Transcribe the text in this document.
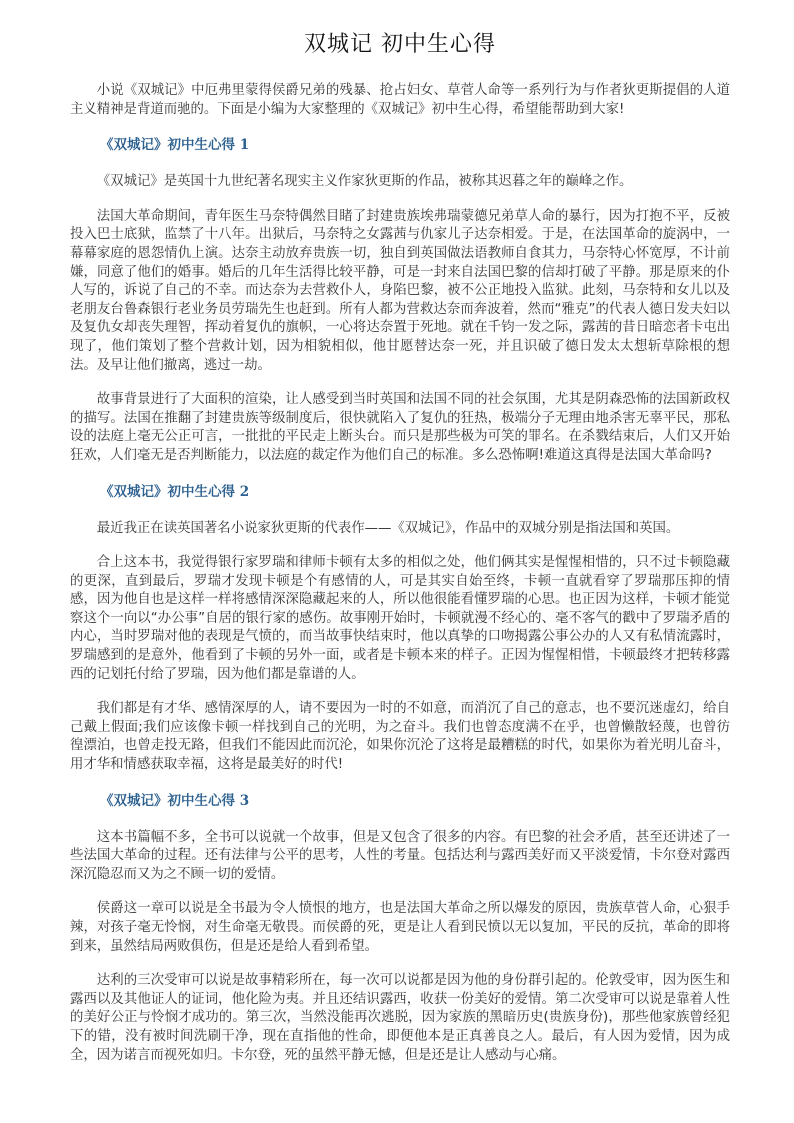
双城记 初中生心得

小说《双城记》中厄弗里蒙得侯爵兄弟的残暴、抢占妇女、草菅人命等一系列行为与作者狄更斯提倡的人道主义精神是背道而驰的。下面是小编为大家整理的《双城记》初中生心得，希望能帮助到大家!

《双城记》初中生心得 1

《双城记》是英国十九世纪著名现实主义作家狄更斯的作品，被称其迟暮之年的巅峰之作。

法国大革命期间，青年医生马奈特偶然目睹了封建贵族埃弗瑞蒙德兄弟草人命的暴行，因为打抱不平，反被投入巴士底狱，监禁了十八年。出狱后，马奈特之女露茜与仇家儿子达奈相爱。于是，在法国革命的旋涡中，一幕幕家庭的恩怨情仇上演。达奈主动放弃贵族一切，独自到英国做法语教师自食其力，马奈特心怀宽厚，不计前嫌，同意了他们的婚事。婚后的几年生活得比较平静，可是一封来自法国巴黎的信却打破了平静。那是原来的仆人写的，诉说了自己的不幸。而达奈为去营救仆人，身陷巴黎，被不公正地投入监狱。此刻，马奈特和女儿以及老朋友台鲁森银行老业务员劳瑞先生也赶到。所有人都为营救达奈而奔波着，然而“雅克”的代表人德日发夫妇以及复仇女却丧失理智，挥动着复仇的旗帜，一心将达奈置于死地。就在千钧一发之际，露茜的昔日暗恋者卡屯出现了，他们策划了整个营救计划，因为相貌相似，他甘愿替达奈一死，并且识破了德日发太太想斩草除根的想法。及早让他们撤离，逃过一劫。

故事背景进行了大面积的渲染，让人感受到当时英国和法国不同的社会氛围，尤其是阴森恐怖的法国新政权的描写。法国在推翻了封建贵族等级制度后，很快就陷入了复仇的狂热，极端分子无理由地杀害无辜平民，那私设的法庭上毫无公正可言，一批批的平民走上断头台。而只是那些极为可笑的罪名。在杀戮结束后，人们又开始狂欢，人们毫无是否判断能力，以法庭的裁定作为他们自己的标准。多么恐怖啊!难道这真得是法国大革命吗?

《双城记》初中生心得 2

最近我正在读英国著名小说家狄更斯的代表作——《双城记》，作品中的双城分别是指法国和英国。

合上这本书，我觉得银行家罗瑞和律师卡顿有太多的相似之处，他们俩其实是惺惺相惜的，只不过卡顿隐藏的更深，直到最后，罗瑞才发现卡顿是个有感情的人，可是其实自始至终，卡顿一直就看穿了罗瑞那压抑的情感，因为他自也是这样一样将感情深深隐藏起来的人，所以他很能看懂罗瑞的心思。也正因为这样，卡顿才能觉察这个一向以“办公事”自居的银行家的感伤。故事刚开始时，卡顿就漫不经心的、毫不客气的戳中了罗瑞矛盾的内心，当时罗瑞对他的表现是气愤的，而当故事快结束时，他以真挚的口吻揭露公事公办的人又有私情流露时，罗瑞感到的是意外，他看到了卡顿的另外一面，或者是卡顿本来的样子。正因为惺惺相惜，卡顿最终才把转移露西的记划托付给了罗瑞，因为他们都是靠谱的人。

我们都是有才华、感情深厚的人，请不要因为一时的不如意，而消沉了自己的意志，也不要沉迷虚幻，给自己戴上假面;我们应该像卡顿一样找到自己的光明，为之奋斗。我们也曾态度满不在乎，也曾懒散轻蔑，也曾彷徨漂泊，也曾走投无路，但我们不能因此而沉沦，如果你沉沦了这将是最糟糕的时代，如果你为着光明儿奋斗，用才华和情感获取幸福，这将是最美好的时代!

《双城记》初中生心得 3

这本书篇幅不多，全书可以说就一个故事，但是又包含了很多的内容。有巴黎的社会矛盾，甚至还讲述了一些法国大革命的过程。还有法律与公平的思考，人性的考量。包括达利与露西美好而又平淡爱情，卡尔登对露西深沉隐忍而又为之不顾一切的爱情。

侯爵这一章可以说是全书最为令人愤恨的地方，也是法国大革命之所以爆发的原因，贵族草菅人命，心狠手辣，对孩子毫无怜悯，对生命毫无敬畏。而侯爵的死，更是让人看到民愤以无以复加，平民的反抗，革命的即将到来，虽然结局两败俱伤，但是还是给人看到希望。

达利的三次受审可以说是故事精彩所在，每一次可以说都是因为他的身份群引起的。伦敦受审，因为医生和露西以及其他证人的证词，他化险为夷。并且还结识露西，收获一份美好的爱情。第二次受审可以说是靠着人性的美好公正与怜悯才成功的。第三次，当然没能再次逃脱，因为家族的黑暗历史(贵族身份)，那些他家族曾经犯下的错，没有被时间洗刷干净，现在直指他的性命，即便他本是正真善良之人。最后，有人因为爱情，因为成全，因为诺言而视死如归。卡尔登，死的虽然平静无憾，但是还是让人感动与心痛。
